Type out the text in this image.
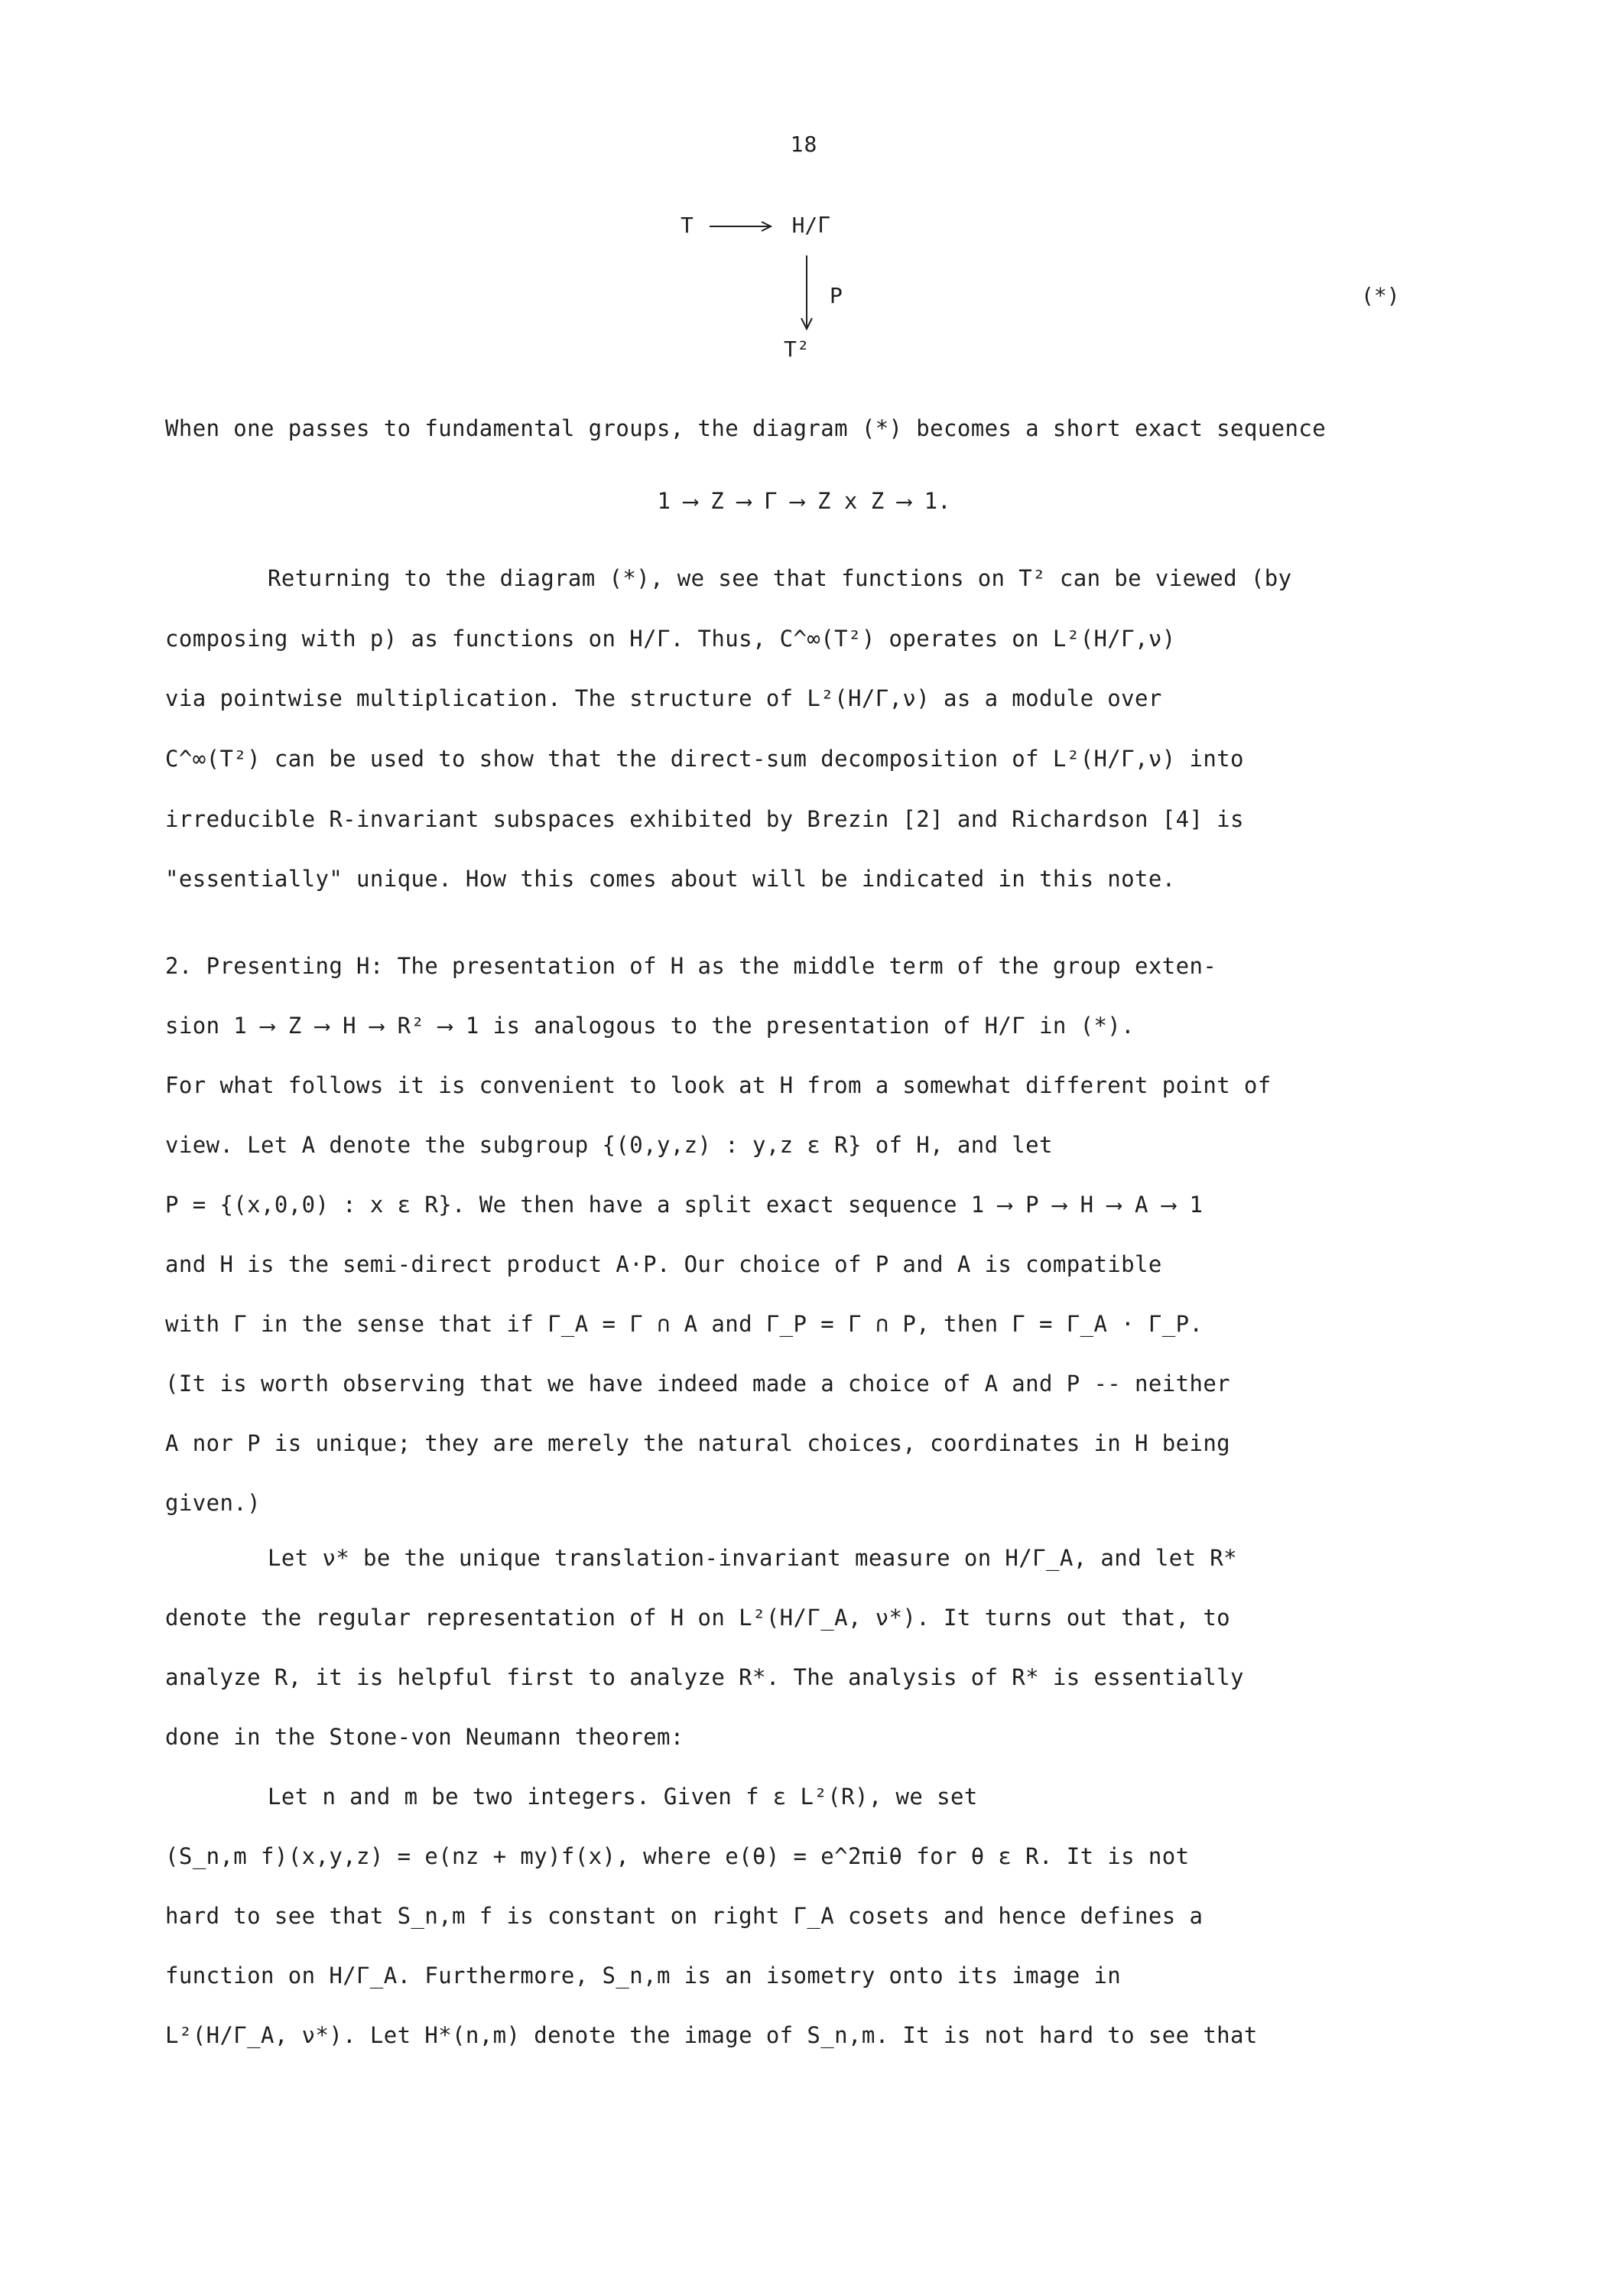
18
T	H/Γ
P
T²
(*)
When one passes to fundamental groups, the diagram (*) becomes a short exact sequence
1 ⟶ Z ⟶ Γ ⟶ Z x Z ⟶ 1.
Returning to the diagram (*), we see that functions on T² can be viewed (by
composing with p) as functions on H/Γ. Thus, C^∞(T²) operates on L²(H/Γ,ν)
via pointwise multiplication. The structure of L²(H/Γ,ν) as a module over
C^∞(T²) can be used to show that the direct-sum decomposition of L²(H/Γ,ν) into
irreducible R-invariant subspaces exhibited by Brezin [2] and Richardson [4] is
"essentially" unique. How this comes about will be indicated in this note.
2. Presenting H: The presentation of H as the middle term of the group exten-
sion 1 ⟶ Z ⟶ H ⟶ R² ⟶ 1 is analogous to the presentation of H/Γ in (*).
For what follows it is convenient to look at H from a somewhat different point of
view. Let A denote the subgroup {(0,y,z) : y,z ε R} of H, and let
P = {(x,0,0) : x ε R}. We then have a split exact sequence 1 ⟶ P ⟶ H ⟶ A ⟶ 1
and H is the semi-direct product A·P. Our choice of P and A is compatible
with Γ in the sense that if Γ_A = Γ ∩ A and Γ_P = Γ ∩ P, then Γ = Γ_A · Γ_P.
(It is worth observing that we have indeed made a choice of A and P -- neither
A nor P is unique; they are merely the natural choices, coordinates in H being
given.)
Let ν* be the unique translation-invariant measure on H/Γ_A, and let R*
denote the regular representation of H on L²(H/Γ_A, ν*). It turns out that, to
analyze R, it is helpful first to analyze R*. The analysis of R* is essentially
done in the Stone-von Neumann theorem:
Let n and m be two integers. Given f ε L²(R), we set
(S_n,m f)(x,y,z) = e(nz + my)f(x), where e(θ) = e^2πiθ for θ ε R. It is not
hard to see that S_n,m f is constant on right Γ_A cosets and hence defines a
function on H/Γ_A. Furthermore, S_n,m is an isometry onto its image in
L²(H/Γ_A, ν*). Let H*(n,m) denote the image of S_n,m. It is not hard to see that
